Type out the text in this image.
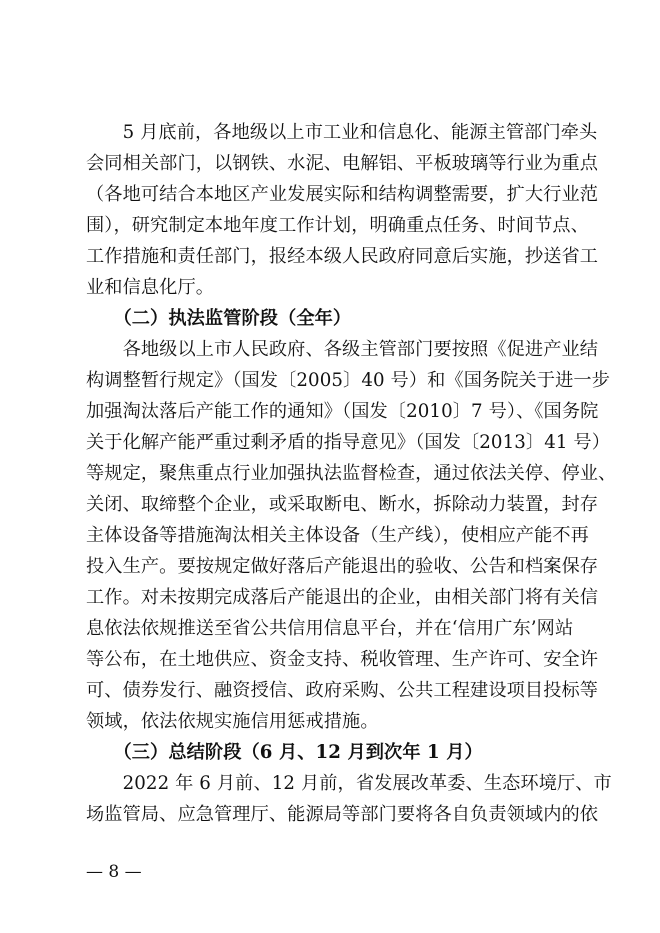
　　5 月底前，各地级以上市工业和信息化、能源主管部门牵头
会同相关部门，以钢铁、水泥、电解铝、平板玻璃等行业为重点
（各地可结合本地区产业发展实际和结构调整需要，扩大行业范
围），研究制定本地年度工作计划，明确重点任务、时间节点、
工作措施和责任部门，报经本级人民政府同意后实施，抄送省工
业和信息化厅。
　　（二）执法监管阶段（全年）
　　各地级以上市人民政府、各级主管部门要按照《促进产业结
构调整暂行规定》（国发〔2005〕40 号）和《国务院关于进一步
加强淘汰落后产能工作的通知》（国发〔2010〕7 号）、《国务院
关于化解产能严重过剩矛盾的指导意见》（国发〔2013〕41 号）
等规定，聚焦重点行业加强执法监督检查，通过依法关停、停业、
关闭、取缔整个企业，或采取断电、断水，拆除动力装置，封存
主体设备等措施淘汰相关主体设备（生产线），使相应产能不再
投入生产。要按规定做好落后产能退出的验收、公告和档案保存
工作。对未按期完成落后产能退出的企业，由相关部门将有关信
息依法依规推送至省公共信用信息平台，并在‘信用广东’网站
等公布，在土地供应、资金支持、税收管理、生产许可、安全许
可、债券发行、融资授信、政府采购、公共工程建设项目投标等
领域，依法依规实施信用惩戒措施。
　　（三）总结阶段（6 月、12 月到次年 1 月）
　　2022 年 6 月前、12 月前，省发展改革委、生态环境厅、市
场监管局、应急管理厅、能源局等部门要将各自负责领域内的依
— 8 —
